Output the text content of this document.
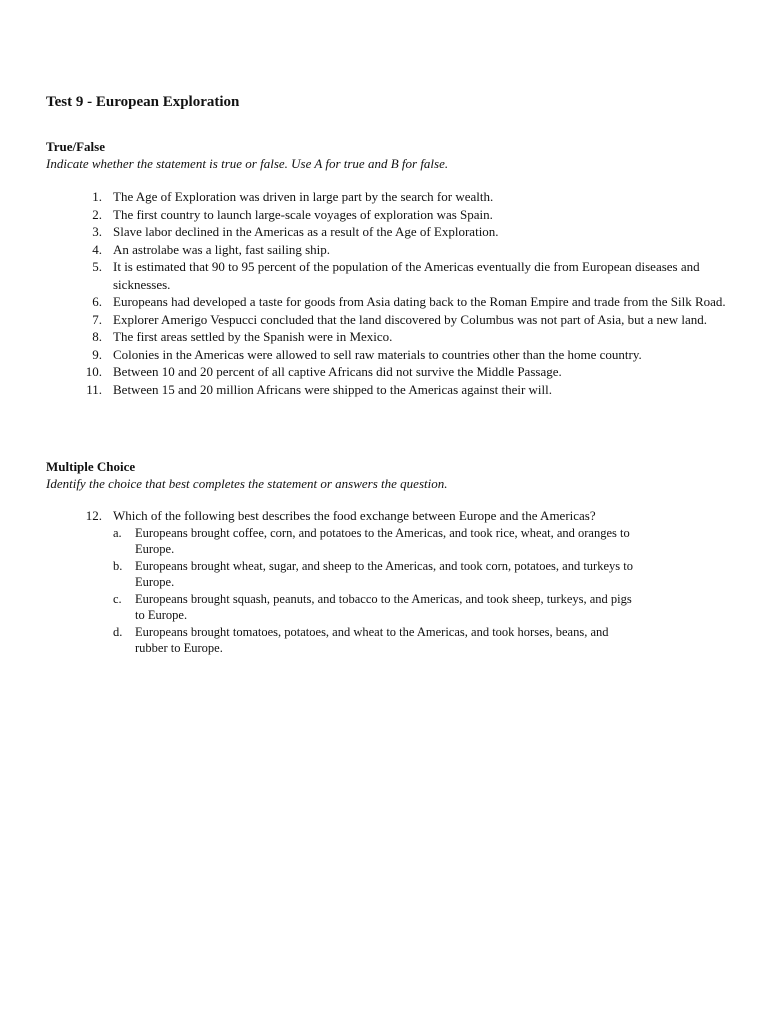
Test 9 - European Exploration
True/False
Indicate whether the statement is true or false. Use A for true and B for false.
1. The Age of Exploration was driven in large part by the search for wealth.
2. The first country to launch large-scale voyages of exploration was Spain.
3. Slave labor declined in the Americas as a result of the Age of Exploration.
4. An astrolabe was a light, fast sailing ship.
5. It is estimated that 90 to 95 percent of the population of the Americas eventually die from European diseases and sicknesses.
6. Europeans had developed a taste for goods from Asia dating back to the Roman Empire and trade from the Silk Road.
7. Explorer Amerigo Vespucci concluded that the land discovered by Columbus was not part of Asia, but a new land.
8. The first areas settled by the Spanish were in Mexico.
9. Colonies in the Americas were allowed to sell raw materials to countries other than the home country.
10. Between 10 and 20 percent of all captive Africans did not survive the Middle Passage.
11. Between 15 and 20 million Africans were shipped to the Americas against their will.
Multiple Choice
Identify the choice that best completes the statement or answers the question.
12. Which of the following best describes the food exchange between Europe and the Americas?
a.	Europeans brought coffee, corn, and potatoes to the Americas, and took rice, wheat, and oranges to Europe.
b.	Europeans brought wheat, sugar, and sheep to the Americas, and took corn, potatoes, and turkeys to Europe.
c.	Europeans brought squash, peanuts, and tobacco to the Americas, and took sheep, turkeys, and pigs to Europe.
d.	Europeans brought tomatoes, potatoes, and wheat to the Americas, and took horses, beans, and rubber to Europe.
